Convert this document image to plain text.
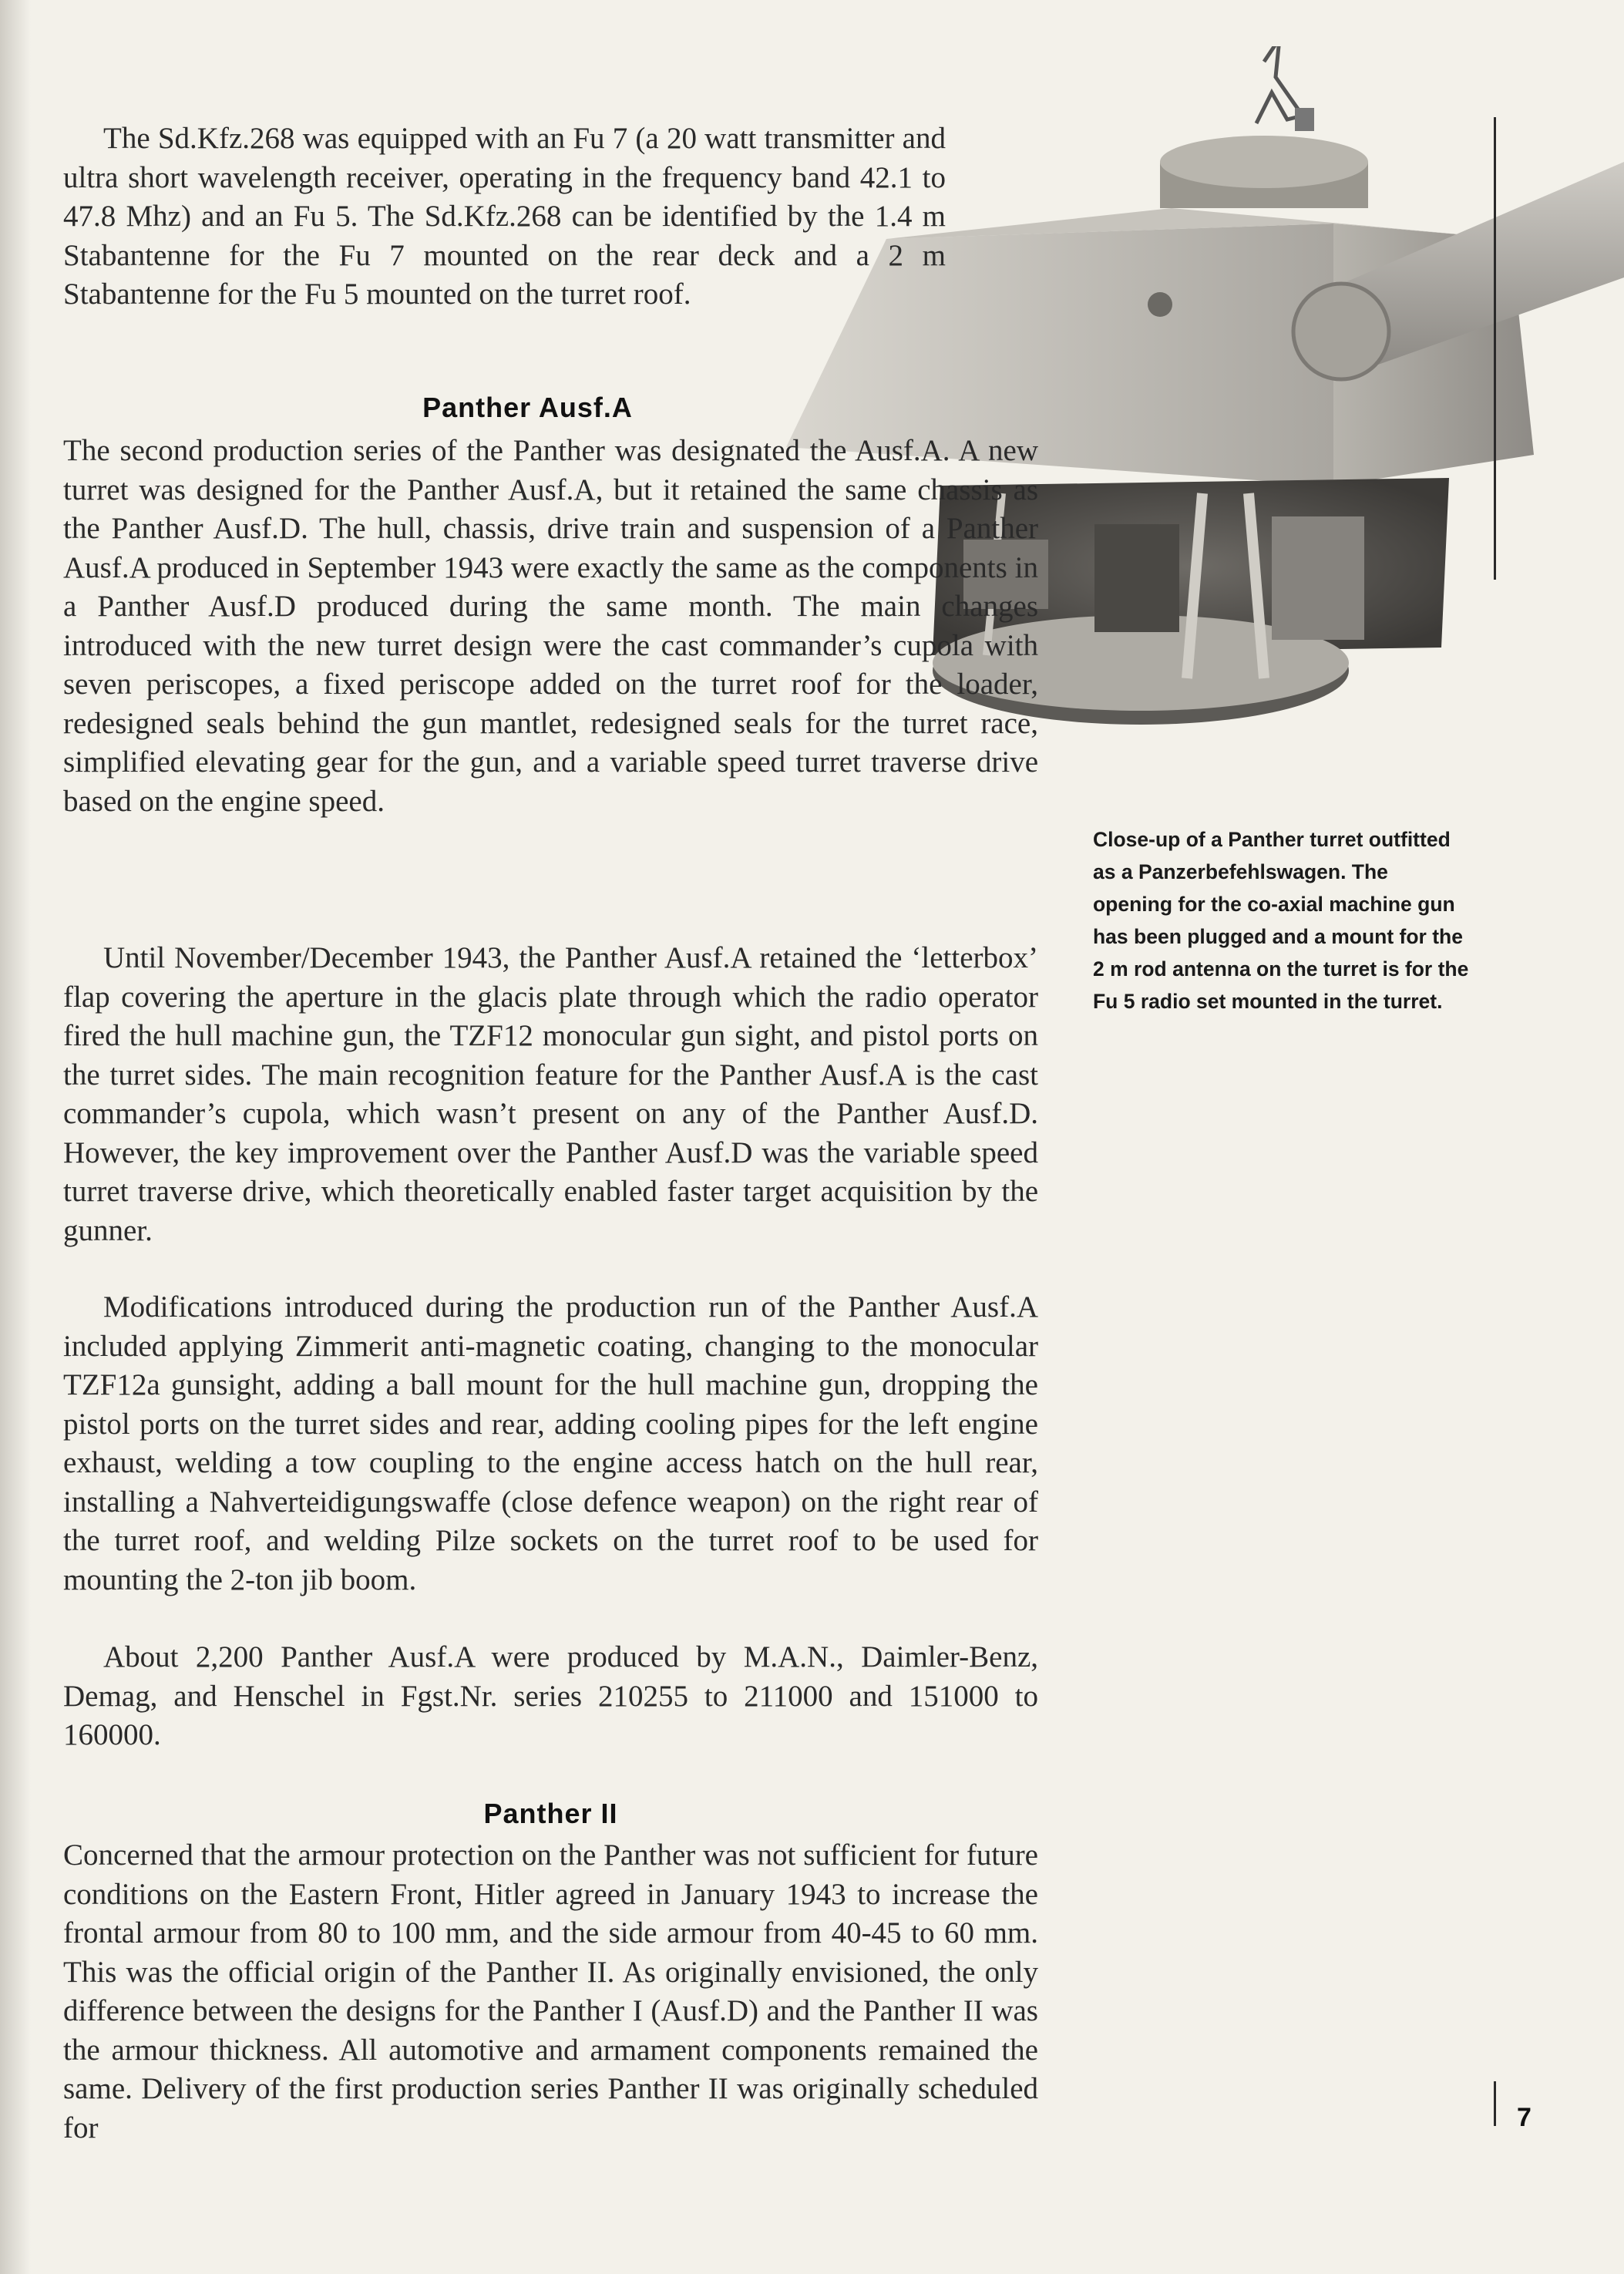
The Sd.Kfz.268 was equipped with an Fu 7 (a 20 watt transmitter and ultra short wavelength receiver, operating in the frequency band 42.1 to 47.8 Mhz) and an Fu 5. The Sd.Kfz.268 can be identified by the 1.4 m Stabantenne for the Fu 7 mounted on the rear deck and a 2 m Stabantenne for the Fu 5 mounted on the turret roof.

Panther Ausf.A

The second production series of the Panther was designated the Ausf.A. A new turret was designed for the Panther Ausf.A, but it retained the same chassis as the Panther Ausf.D. The hull, chassis, drive train and suspension of a Panther Ausf.A produced in September 1943 were exactly the same as the components in a Panther Ausf.D produced during the same month. The main changes introduced with the new turret design were the cast commander’s cupola with seven periscopes, a fixed periscope added on the turret roof for the loader, redesigned seals behind the gun mantlet, redesigned seals for the turret race, simplified elevating gear for the gun, and a variable speed turret traverse drive based on the engine speed.

Until November/December 1943, the Panther Ausf.A retained the ‘letterbox’ flap covering the aperture in the glacis plate through which the radio operator fired the hull machine gun, the TZF12 monocular gun sight, and pistol ports on the turret sides. The main recognition feature for the Panther Ausf.A is the cast commander’s cupola, which wasn’t present on any of the Panther Ausf.D. However, the key improvement over the Panther Ausf.D was the variable speed turret traverse drive, which theoretically enabled faster target acquisition by the gunner.

Modifications introduced during the production run of the Panther Ausf.A included applying Zimmerit anti-magnetic coating, changing to the monocular TZF12a gunsight, adding a ball mount for the hull machine gun, dropping the pistol ports on the turret sides and rear, adding cooling pipes for the left engine exhaust, welding a tow coupling to the engine access hatch on the hull rear, installing a Nahverteidigungswaffe (close defence weapon) on the right rear of the turret roof, and welding Pilze sockets on the turret roof to be used for mounting the 2-ton jib boom.

About 2,200 Panther Ausf.A were produced by M.A.N., Daimler-Benz, Demag, and Henschel in Fgst.Nr. series 210255 to 211000 and 151000 to 160000.

Panther II

Concerned that the armour protection on the Panther was not sufficient for future conditions on the Eastern Front, Hitler agreed in January 1943 to increase the frontal armour from 80 to 100 mm, and the side armour from 40-45 to 60 mm. This was the official origin of the Panther II. As originally envisioned, the only difference between the designs for the Panther I (Ausf.D) and the Panther II was the armour thickness. All automotive and armament components remained the same. Delivery of the first production series Panther II was originally scheduled for

Close-up of a Panther turret outfitted as a Panzerbefehlswagen. The opening for the co-axial machine gun has been plugged and a mount for the 2 m rod antenna on the turret is for the Fu 5 radio set mounted in the turret.

7
